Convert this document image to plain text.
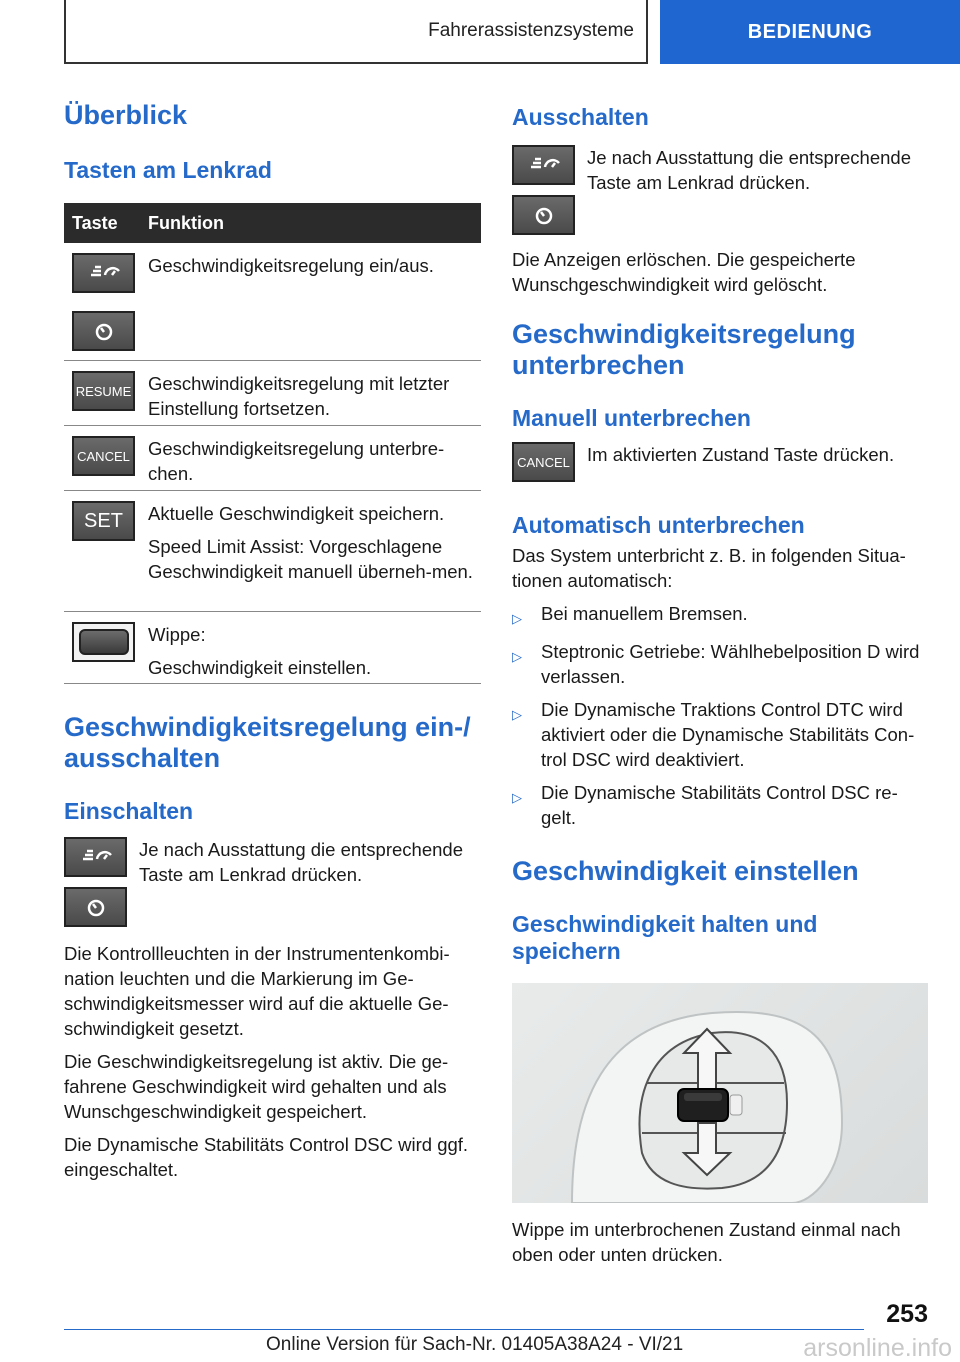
Fahrerassistenzsysteme	BEDIENUNG
Überblick
Tasten am Lenkrad
Taste	Funktion

Geschwindigkeitsregelung ein/aus.

RESUME Geschwindigkeitsregelung mit letzter Einstellung fortsetzen.

CANCEL Geschwindigkeitsregelung unterbre‐chen.

SET	Aktuelle Geschwindigkeit speichern.

Speed Limit Assist: Vorgeschlagene Geschwindigkeit manuell überneh‐men.

Wippe:

Geschwindigkeit einstellen.

Geschwindigkeitsregelung ein‑/ ausschalten
Einschalten

Je nach Ausstattung die entsprechende Taste am Lenkrad drücken.

Die Kontrollleuchten in der Instrumentenkombi‐nation leuchten und die Markierung im Ge‐schwindigkeitsmesser wird auf die aktuelle Ge‐schwindigkeit gesetzt.

Die Geschwindigkeitsregelung ist aktiv. Die ge‐fahrene Geschwindigkeit wird gehalten und als Wunschgeschwindigkeit gespeichert.

Die Dynamische Stabilitäts Control DSC wird ggf. eingeschaltet.

Ausschalten

Je nach Ausstattung die entsprechende Taste am Lenkrad drücken.

Die Anzeigen erlöschen. Die gespeicherte Wunschgeschwindigkeit wird gelöscht.

Geschwindigkeitsregelung unterbrechen
Manuell unterbrechen
CANCEL Im aktivierten Zustand Taste drücken.

Automatisch unterbrechen

Das System unterbricht z. B. in folgenden Situa‐tionen automatisch:

▷	Bei manuellem Bremsen.
▷	Steptronic Getriebe: Wählhebelposition D wird verlassen.
▷	Die Dynamische Traktions Control DTC wird aktiviert oder die Dynamische Stabilitäts Con‐trol DSC wird deaktiviert.
▷	Die Dynamische Stabilitäts Control DSC re‐gelt.
Geschwindigkeit einstellen
Geschwindigkeit halten und speichern

Wippe im unterbrochenen Zustand einmal nach oben oder unten drücken.

253
Online Version für Sach-Nr. 01405A38A24 - VI/21	arsonline.info
